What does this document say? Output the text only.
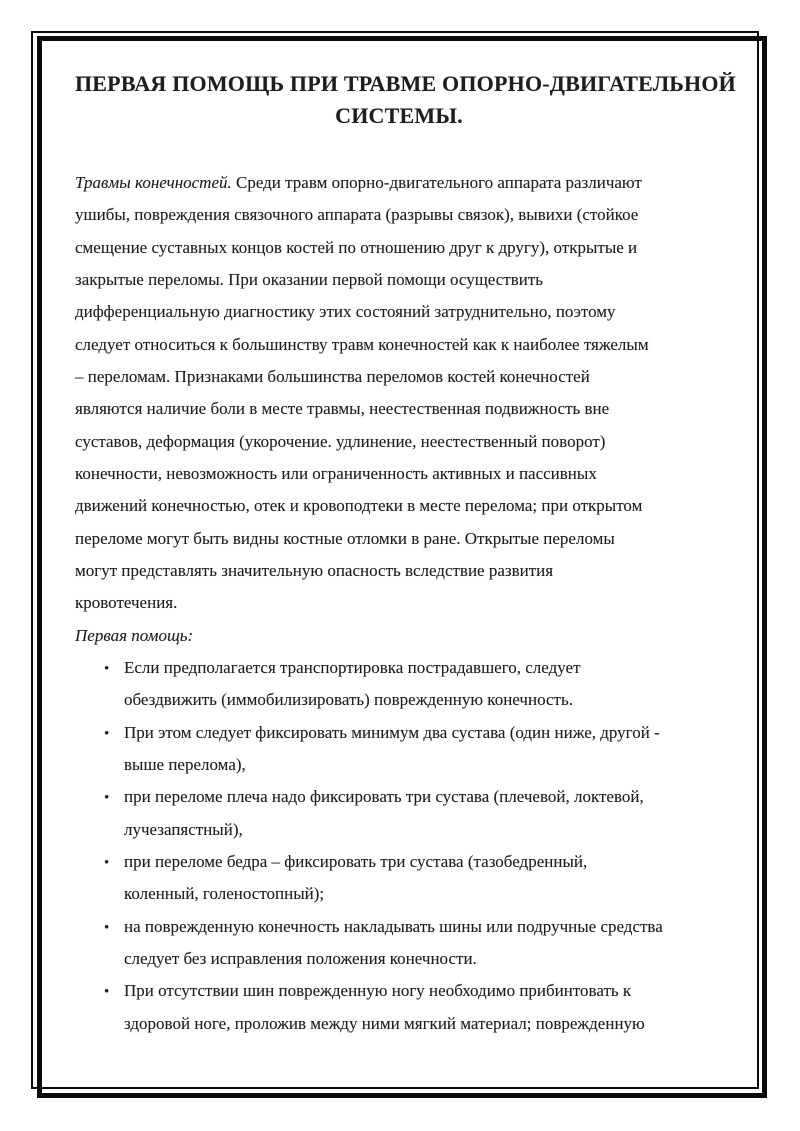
ПЕРВАЯ ПОМОЩЬ ПРИ ТРАВМЕ ОПОРНО-ДВИГАТЕЛЬНОЙ
СИСТЕМЫ.
Травмы конечностей. Среди травм опорно-двигательного аппарата различают
ушибы, повреждения связочного аппарата (разрывы связок), вывихи (стойкое
смещение суставных концов костей по отношению друг к другу), открытые и
закрытые переломы. При оказании первой помощи осуществить
дифференциальную диагностику этих состояний затруднительно, поэтому
следует относиться к большинству травм конечностей как к наиболее тяжелым
– переломам. Признаками большинства переломов костей конечностей
являются наличие боли в месте травмы, неестественная подвижность вне
суставов, деформация (укорочение. удлинение, неестественный поворот)
конечности, невозможность или ограниченность активных и пассивных
движений конечностью, отек и кровоподтеки в месте перелома; при открытом
переломе могут быть видны костные отломки в ране. Открытые переломы
могут представлять значительную опасность вследствие развития
кровотечения.
Первая помощь:
• Если предполагается транспортировка пострадавшего, следует
обездвижить (иммобилизировать) поврежденную конечность.
• При этом следует фиксировать минимум два сустава (один ниже, другой -
выше перелома),
• при переломе плеча надо фиксировать три сустава (плечевой, локтевой,
лучезапястный),
• при переломе бедра – фиксировать три сустава (тазобедренный,
коленный, голеностопный);
• на поврежденную конечность накладывать шины или подручные средства
следует без исправления положения конечности.
• При отсутствии шин поврежденную ногу необходимо прибинтовать к
здоровой ноге, проложив между ними мягкий материал; поврежденную
